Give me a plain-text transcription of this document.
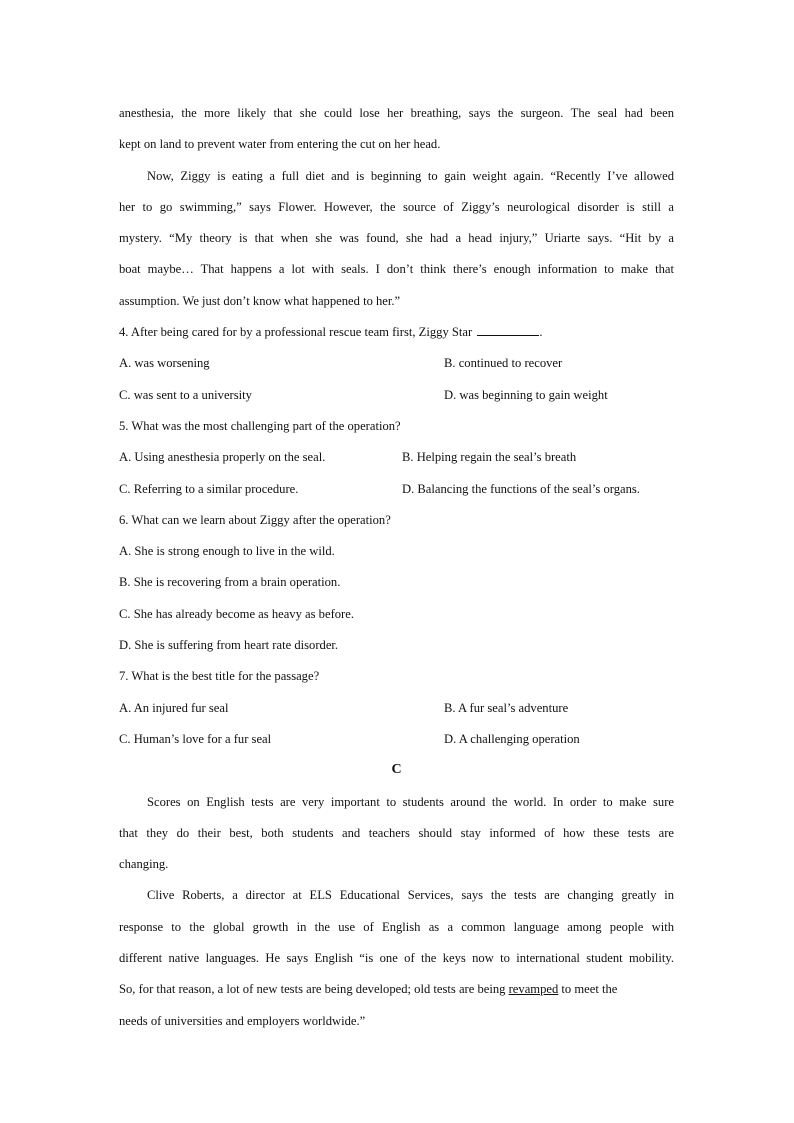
anesthesia, the more likely that she could lose her breathing, says the surgeon. The seal had been
kept on land to prevent water from entering the cut on her head.
Now, Ziggy is eating a full diet and is beginning to gain weight again. “Recently I’ve allowed
her to go swimming,” says Flower. However, the source of Ziggy’s neurological disorder is still a
mystery. “My theory is that when she was found, she had a head injury,” Uriarte says. “Hit by a
boat maybe… That happens a lot with seals. I don’t think there’s enough information to make that
assumption. We just don’t know what happened to her.”
4. After being cared for by a professional rescue team first, Ziggy Star	.
A. was worsening	B. continued to recover
C. was sent to a university	D. was beginning to gain weight
5. What was the most challenging part of the operation?
A. Using anesthesia properly on the seal.	B. Helping regain the seal’s breath
C. Referring to a similar procedure.	D. Balancing the functions of the seal’s organs.
6. What can we learn about Ziggy after the operation?
A. She is strong enough to live in the wild.
B. She is recovering from a brain operation.
C. She has already become as heavy as before.
D. She is suffering from heart rate disorder.
7. What is the best title for the passage?
A. An injured fur seal	B. A fur seal’s adventure
C. Human’s love for a fur seal	D. A challenging operation
C
Scores on English tests are very important to students around the world. In order to make sure
that they do their best, both students and teachers should stay informed of how these tests are
changing.
Clive Roberts, a director at ELS Educational Services, says the tests are changing greatly in
response to the global growth in the use of English as a common language among people with
different native languages. He says English “is one of the keys now to international student mobility.
So, for that reason, a lot of new tests are being developed; old tests are being revamped to meet the
needs of universities and employers worldwide.”
